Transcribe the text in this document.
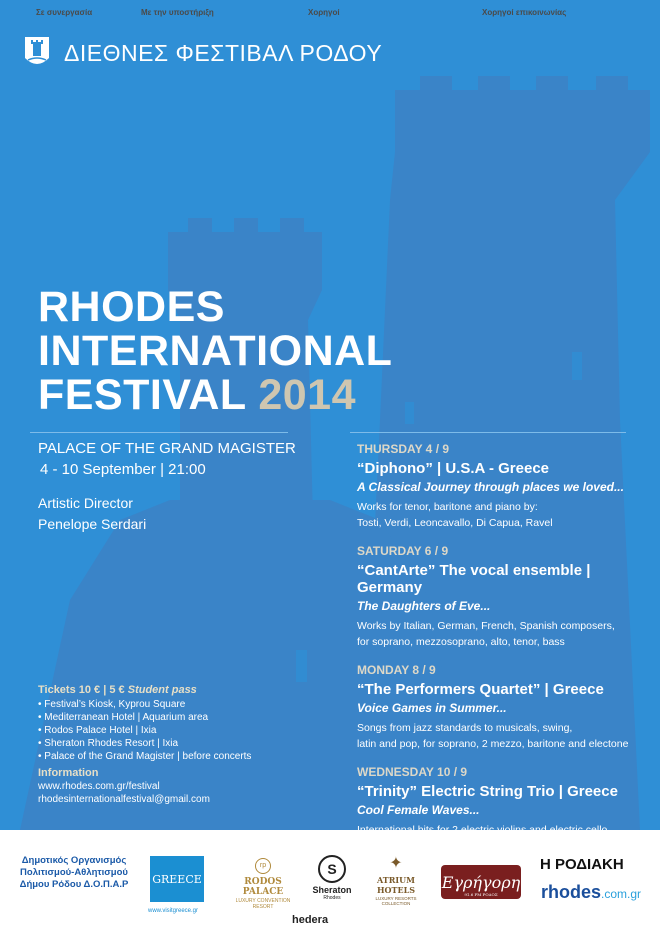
ΔΙΕΘΝΕΣ ΦΕΣΤΙΒΑΛ ΡΟΔΟΥ
RHODES
INTERNATIONAL
FESTIVAL 2014
PALACE OF THE GRAND MAGISTER
4 - 10 September | 21:00
Artistic Director
Penelope Serdari
THURSDAY 4 / 9
“Diphono” | U.S.A - Greece
A Classical Journey through places we loved...
Works for tenor, baritone and piano by:
Tosti, Verdi, Leoncavallo, Di Capua, Ravel
SATURDAY 6 / 9
“CantArte” The vocal ensemble | Germany
The Daughters of Eve...
Works by Italian, German, French, Spanish composers,
for soprano, mezzosoprano, alto, tenor, bass
MONDAY 8 / 9
“The Performers Quartet” | Greece
Voice Games in Summer...
Songs from jazz standards to musicals, swing,
latin and pop, for soprano, 2 mezzo, baritone and electone
WEDNESDAY 10 / 9
“Trinity” Electric String Trio | Greece
Cool Female Waves...
Tickets 10 € | 5 € Student pass
• Festival’s Kiosk, Kyprou Square
• Mediterranean Hotel | Aquarium area
• Rodos Palace Hotel | Ixia
• Sheraton Rhodes Resort | Ixia
• Palace of the Grand Magister | before concerts
Information
www.rhodes.com.gr/festival
rhodesinternationalfestival@gmail.com
Σε συνεργασία	Με την υποστήριξη	Χορηγοί	Χορηγοί επικοινωνίας
Δημοτικός Οργανισμός Πολιτισμού-Αθλητισμού Δήμου Ρόδου Δ.Ο.Π.Α.Ρ	GREECE
www.visitgreece.gr
rp
RODOS PALACE
LUXURY CONVENTION RESORT
S
Sheraton
Rhodes
✦
ATRIUM HOTELS
LUXURY RESORTS COLLECTION
hedera
Εγρήγορη
91.6 FM ΡΟΔΟΣ
Η ΡΟΔΙΑΚΗ
rhodes.com.gr
